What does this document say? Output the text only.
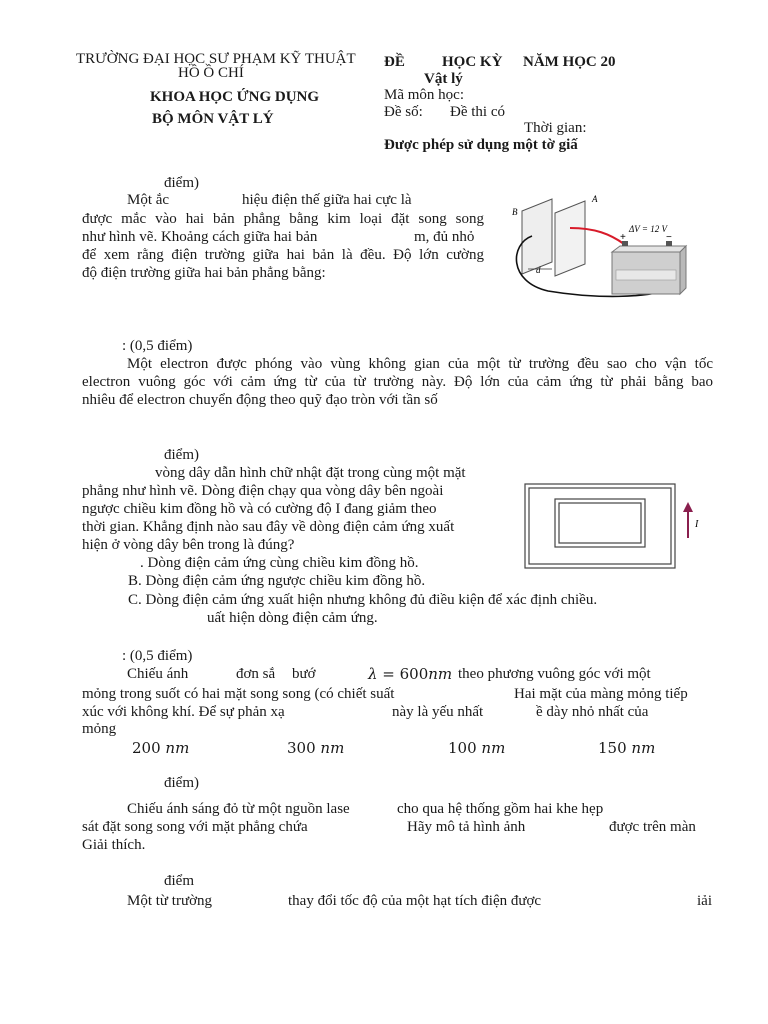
TRƯỜNG ĐẠI HỌC SƯ PHẠM KỸ THUẬT
HỒ Ồ CHÍ
KHOA HỌC ỨNG DỤNG
BỘ MÔN VẬT LÝ
ĐỀ HỌC KỲ NĂM HỌC 20
Vật lý
Mã môn học:
Đề số: Đề thi có
Thời gian:
Được phép sử dụng một tờ giấ
điểm)
Một ắc	hiệu điện thế giữa hai cực là
được mắc vào hai bản phẳng bằng kim loại đặt song song
như hình vẽ. Khoảng cách giữa hai bản	m, đủ nhỏ
để xem rằng điện trường giữa hai bản là đều. Độ lớn cường
độ điện trường giữa hai bản phẳng bằng:	d
+	−
B
A
ΔV = 12 V
: (0,5 điểm)
Một electron được phóng vào vùng không gian của một từ trường đều sao cho vận tốc
electron vuông góc với cảm ứng từ của từ trường này. Độ lớn của cảm ứng từ phải bằng bao
nhiêu để electron chuyển động theo quỹ đạo tròn với tần số
điểm)
vòng dây dẫn hình chữ nhật đặt trong cùng một mặt
phẳng như hình vẽ. Dòng điện chạy qua vòng dây bên ngoài
ngược chiều kim đồng hồ và có cường độ I đang giảm theo
thời gian. Khẳng định nào sau đây về dòng điện cảm ứng xuất
hiện ở vòng dây bên trong là đúng?
. Dòng điện cảm ứng cùng chiều kim đồng hồ.
B. Dòng điện cảm ứng ngược chiều kim đồng hồ.
C. Dòng điện cảm ứng xuất hiện nhưng không đủ điều kiện để xác định chiều.
uất hiện dòng điện cảm ứng.
I
: (0,5 điểm)
Chiếu ánh	đơn sắ bướ	λ = 600nm theo phương vuông góc với một
mỏng trong suốt có hai mặt song song (có chiết suất	Hai mặt của màng mỏng tiếp
xúc với không khí. Để sự phản xạ	này là yếu nhất	ề dày nhỏ nhất của
mỏng
200 nm	300 nm	100 nm	150 nm
điểm)
Chiếu ánh sáng đỏ từ một nguồn lase	cho qua hệ thống gồm hai khe hẹp
sát đặt song song với mặt phẳng chứa	Hãy mô tả hình ảnh	được trên màn
Giải thích.
điểm
Một từ trường	thay đổi tốc độ của một hạt tích điện được	iải
